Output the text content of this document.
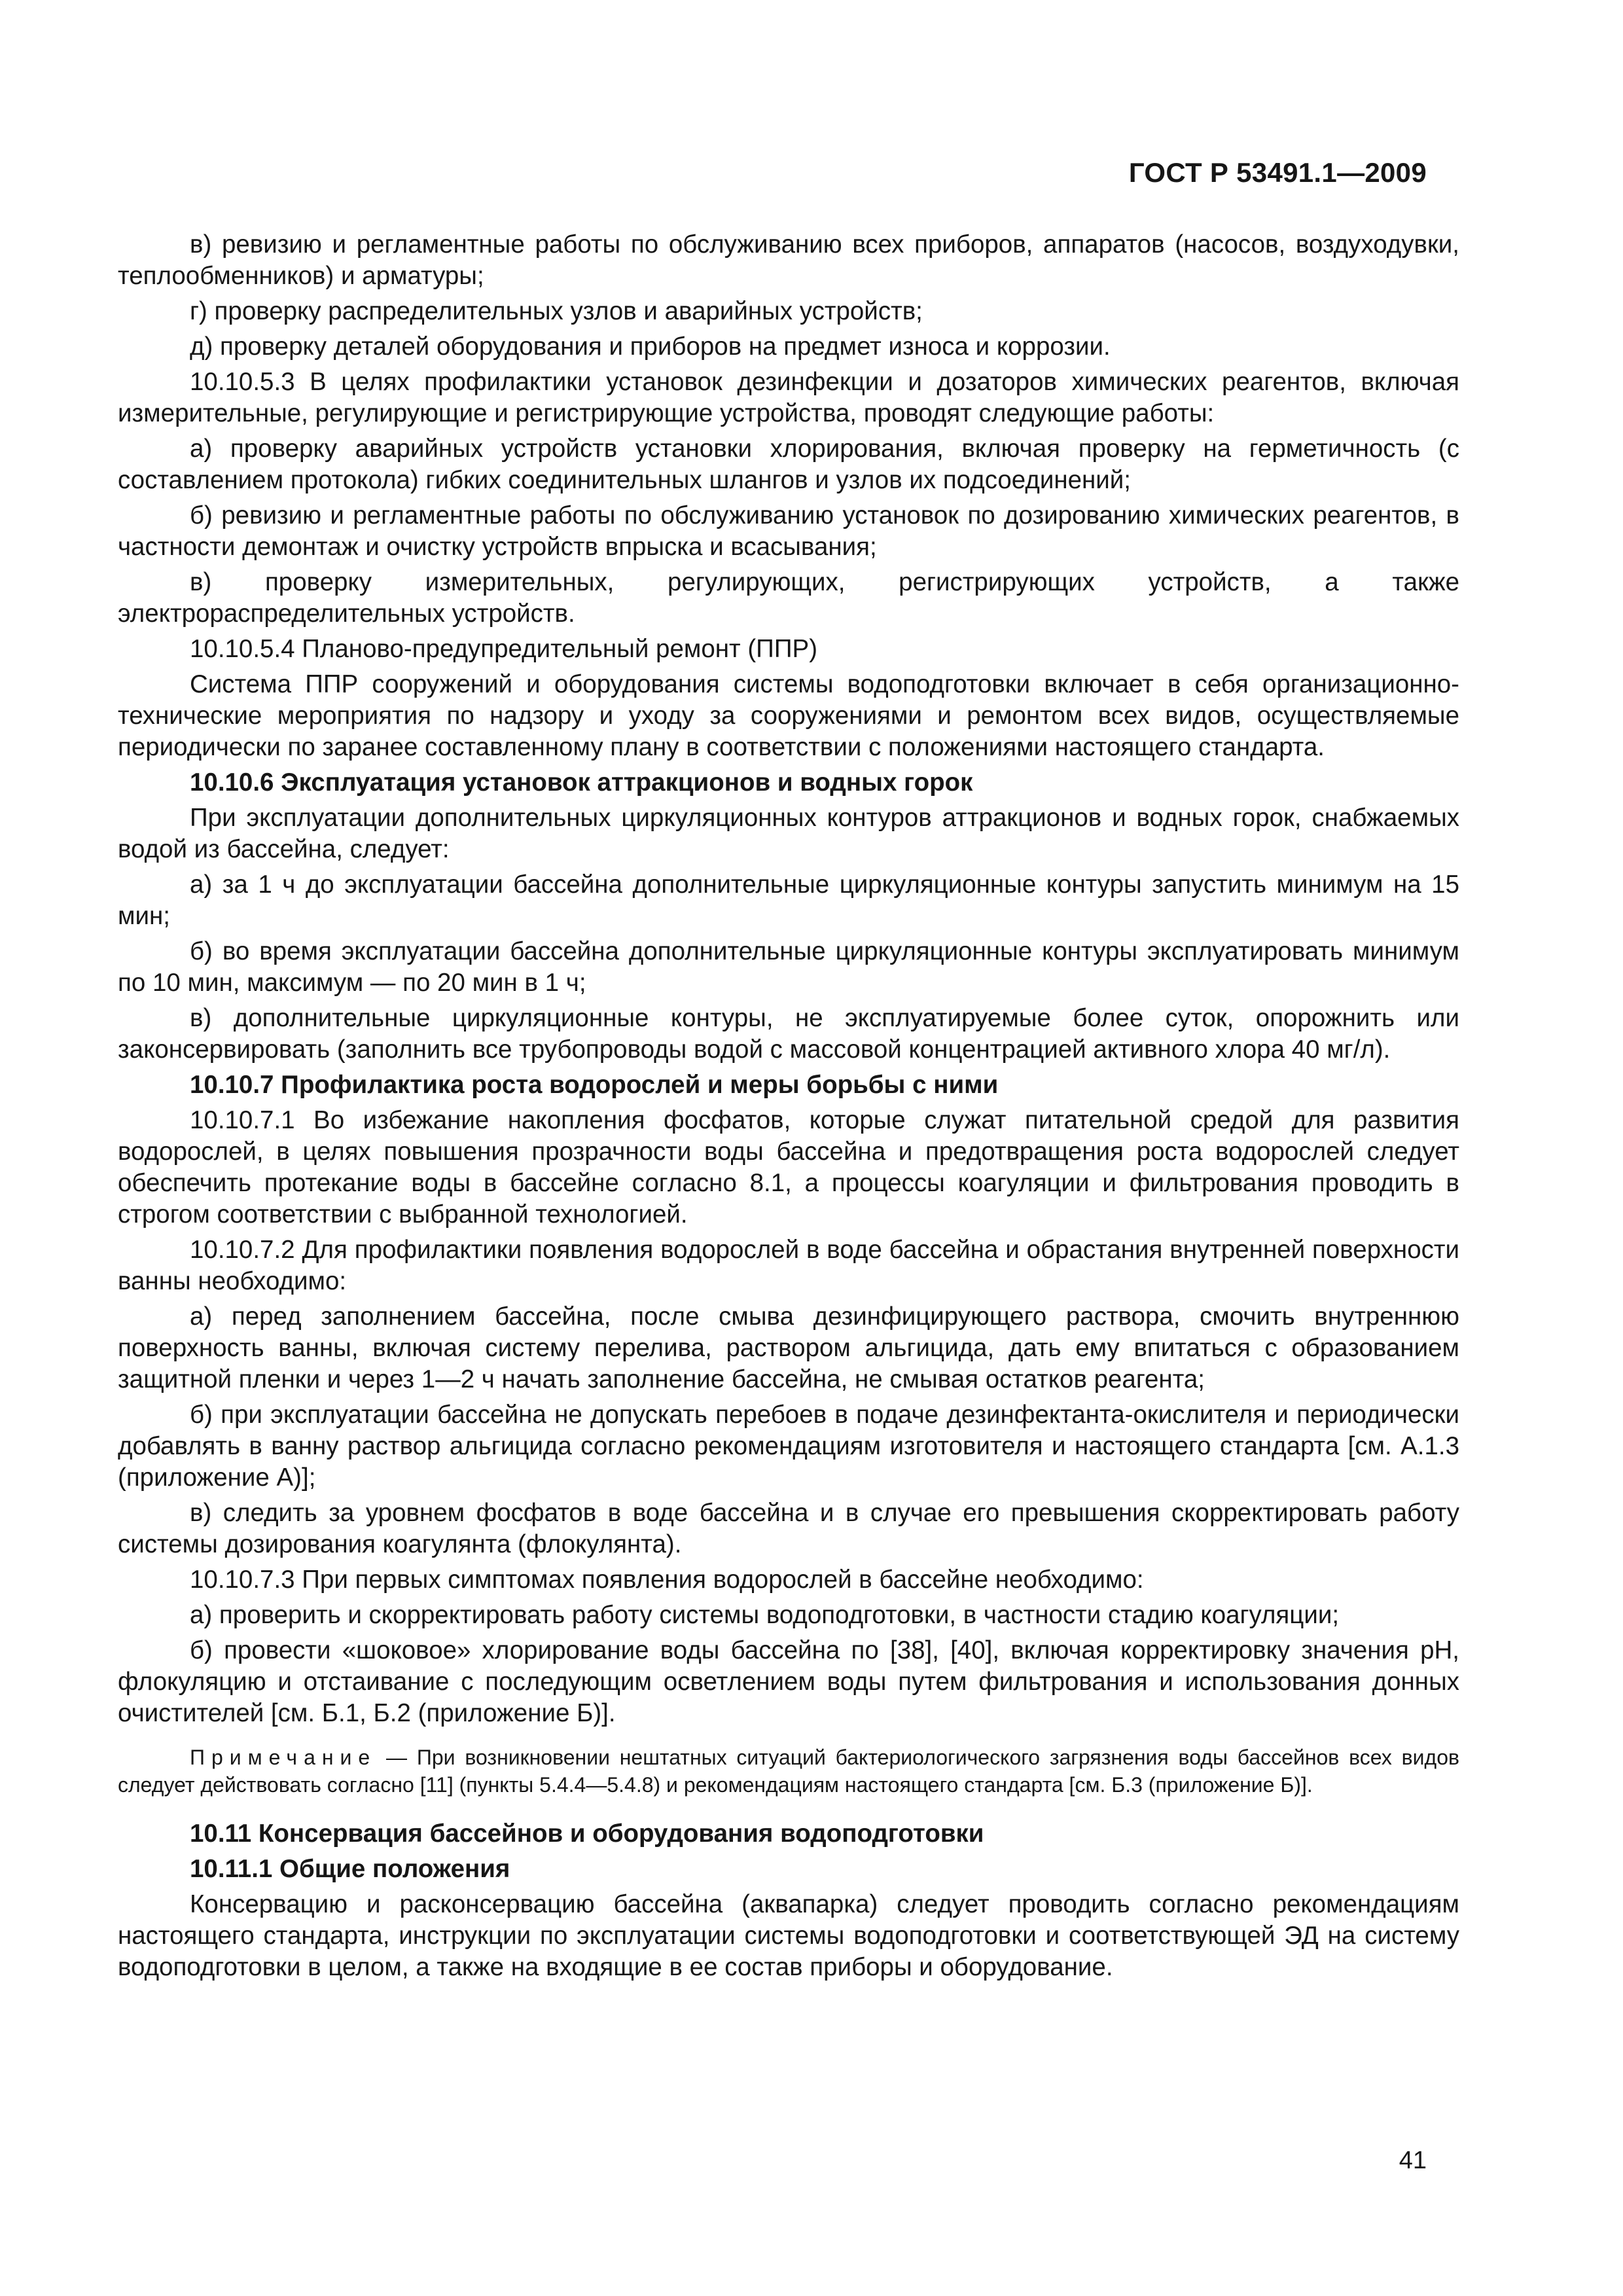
ГОСТ Р 53491.1—2009

в) ревизию и регламентные работы по обслуживанию всех приборов, аппаратов (насосов, воздуходувки, теплообменников) и арматуры;

г) проверку распределительных узлов и аварийных устройств;

д) проверку деталей оборудования и приборов на предмет износа и коррозии.

10.10.5.3 В целях профилактики установок дезинфекции и дозаторов химических реагентов, включая измерительные, регулирующие и регистрирующие устройства, проводят следующие работы:

а) проверку аварийных устройств установки хлорирования, включая проверку на герметичность (с составлением протокола) гибких соединительных шлангов и узлов их подсоединений;

б) ревизию и регламентные работы по обслуживанию установок по дозированию химических реагентов, в частности демонтаж и очистку устройств впрыска и всасывания;

в) проверку измерительных, регулирующих, регистрирующих устройств, а также электрораспределительных устройств.

10.10.5.4 Планово-предупредительный ремонт (ППР)

Система ППР сооружений и оборудования системы водоподготовки включает в себя организационно-технические мероприятия по надзору и уходу за сооружениями и ремонтом всех видов, осуществляемые периодически по заранее составленному плану в соответствии с положениями настоящего стандарта.

10.10.6 Эксплуатация установок аттракционов и водных горок

При эксплуатации дополнительных циркуляционных контуров аттракционов и водных горок, снабжаемых водой из бассейна, следует:

а) за 1 ч до эксплуатации бассейна дополнительные циркуляционные контуры запустить минимум на 15 мин;

б) во время эксплуатации бассейна дополнительные циркуляционные контуры эксплуатировать минимум по 10 мин, максимум — по 20 мин в 1 ч;

в) дополнительные циркуляционные контуры, не эксплуатируемые более суток, опорожнить или законсервировать (заполнить все трубопроводы водой с массовой концентрацией активного хлора 40 мг/л).

10.10.7 Профилактика роста водорослей и меры борьбы с ними

10.10.7.1 Во избежание накопления фосфатов, которые служат питательной средой для развития водорослей, в целях повышения прозрачности воды бассейна и предотвращения роста водорослей следует обеспечить протекание воды в бассейне согласно 8.1, а процессы коагуляции и фильтрования проводить в строгом соответствии с выбранной технологией.

10.10.7.2 Для профилактики появления водорослей в воде бассейна и обрастания внутренней поверхности ванны необходимо:

а) перед заполнением бассейна, после смыва дезинфицирующего раствора, смочить внутреннюю поверхность ванны, включая систему перелива, раствором альгицида, дать ему впитаться с образованием защитной пленки и через 1—2 ч начать заполнение бассейна, не смывая остатков реагента;

б) при эксплуатации бассейна не допускать перебоев в подаче дезинфектанта-окислителя и периодически добавлять в ванну раствор альгицида согласно рекомендациям изготовителя и настоящего стандарта [см. А.1.3 (приложение А)];

в) следить за уровнем фосфатов в воде бассейна и в случае его превышения скорректировать работу системы дозирования коагулянта (флокулянта).

10.10.7.3 При первых симптомах появления водорослей в бассейне необходимо:

а) проверить и скорректировать работу системы водоподготовки, в частности стадию коагуляции;

б) провести «шоковое» хлорирование воды бассейна по [38], [40], включая корректировку значения рН, флокуляцию и отстаивание с последующим осветлением воды путем фильтрования и использования донных очистителей [см. Б.1, Б.2 (приложение Б)].

Примечание — При возникновении нештатных ситуаций бактериологического загрязнения воды бассейнов всех видов следует действовать согласно [11] (пункты 5.4.4—5.4.8) и рекомендациям настоящего стандарта [см. Б.3 (приложение Б)].

10.11 Консервация бассейнов и оборудования водоподготовки

10.11.1 Общие положения

Консервацию и расконсервацию бассейна (аквапарка) следует проводить согласно рекомендациям настоящего стандарта, инструкции по эксплуатации системы водоподготовки и соответствующей ЭД на систему водоподготовки в целом, а также на входящие в ее состав приборы и оборудование.

41
